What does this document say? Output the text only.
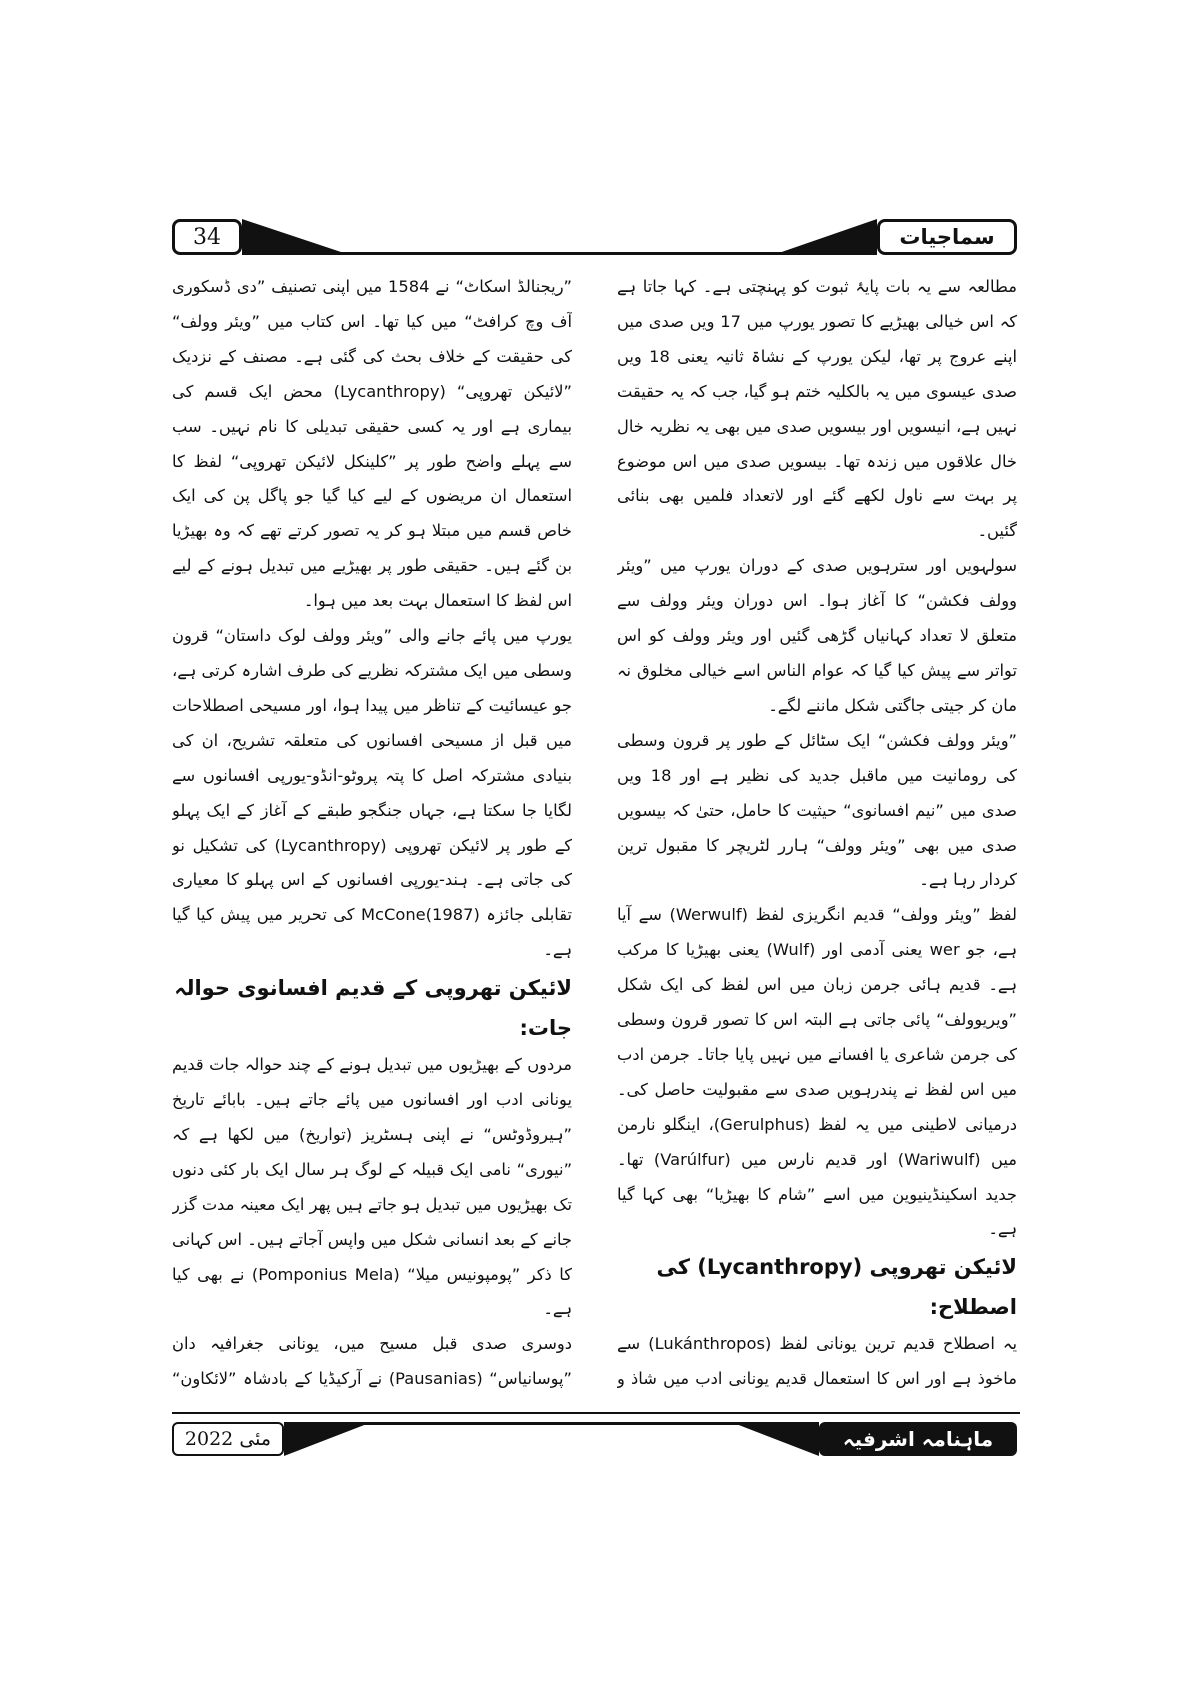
34	سماجیات

مطالعہ سے یہ بات پایۂ ثبوت کو پہنچتی ہے۔ کہا جاتا ہے کہ اس خیالی بھیڑیے کا تصور یورپ میں 17 ویں صدی میں اپنے عروج پر تھا، لیکن یورپ کے نشاۃ ثانیہ یعنی 18 ویں صدی عیسوی میں یہ بالکلیہ ختم ہو گیا، جب کہ یہ حقیقت نہیں ہے، انیسویں اور بیسویں صدی میں بھی یہ نظریہ خال خال علاقوں میں زندہ تھا۔ بیسویں صدی میں اس موضوع پر بہت سے ناول لکھے گئے اور لاتعداد فلمیں بھی بنائی گئیں۔

سولہویں اور سترہویں صدی کے دوران یورپ میں ”ویئر وولف فکشن“ کا آغاز ہوا۔ اس دوران ویئر وولف سے متعلق لا تعداد کہانیاں گڑھی گئیں اور ویئر وولف کو اس تواتر سے پیش کیا گیا کہ عوام الناس اسے خیالی مخلوق نہ مان کر جیتی جاگتی شکل ماننے لگے۔

”ویئر وولف فکشن“ ایک سٹائل کے طور پر قرون وسطی کی رومانیت میں ماقبل جدید کی نظیر ہے اور 18 ویں صدی میں ”نیم افسانوی“ حیثیت کا حامل، حتیٰ کہ بیسویں صدی میں بھی ”ویئر وولف“ ہارر لٹریچر کا مقبول ترین کردار رہا ہے۔

لفظ ”ویئر وولف“ قدیم انگریزی لفظ (Werwulf) سے آیا ہے، جو wer یعنی آدمی اور (Wulf) یعنی بھیڑیا کا مرکب ہے۔ قدیم ہائی جرمن زبان میں اس لفظ کی ایک شکل ”ویریوولف“ پائی جاتی ہے البتہ اس کا تصور قرون وسطی کی جرمن شاعری یا افسانے میں نہیں پایا جاتا۔ جرمن ادب میں اس لفظ نے پندرہویں صدی سے مقبولیت حاصل کی۔ درمیانی لاطینی میں یہ لفظ (Gerulphus)، اینگلو نارمن میں (Wariwulf) اور قدیم نارس میں (Varúlfur) تھا۔ جدید اسکینڈینیوین میں اسے ”شام کا بھیڑیا“ بھی کہا گیا ہے۔

لائیکن تھروپی (Lycanthropy) کی اصطلاح:

یہ اصطلاح قدیم ترین یونانی لفظ (Lukánthropos) سے ماخوذ ہے اور اس کا استعمال قدیم یونانی ادب میں شاذ و

”ریجنالڈ اسکاٹ“ نے 1584 میں اپنی تصنیف ”دی ڈسکوری آف وچ کرافٹ“ میں کیا تھا۔ اس کتاب میں ”ویئر وولف“ کی حقیقت کے خلاف بحث کی گئی ہے۔ مصنف کے نزدیک ”لائیکن تھروپی“ (Lycanthropy) محض ایک قسم کی بیماری ہے اور یہ کسی حقیقی تبدیلی کا نام نہیں۔ سب سے پہلے واضح طور پر ”کلینکل لائیکن تھروپی“ لفظ کا استعمال ان مریضوں کے لیے کیا گیا جو پاگل پن کی ایک خاص قسم میں مبتلا ہو کر یہ تصور کرتے تھے کہ وہ بھیڑیا بن گئے ہیں۔ حقیقی طور پر بھیڑیے میں تبدیل ہونے کے لیے اس لفظ کا استعمال بہت بعد میں ہوا۔

یورپ میں پائے جانے والی ”ویئر وولف لوک داستان“ قرون وسطی میں ایک مشترکہ نظریے کی طرف اشارہ کرتی ہے، جو عیسائیت کے تناظر میں پیدا ہوا، اور مسیحی اصطلاحات میں قبل از مسیحی افسانوں کی متعلقہ تشریح، ان کی بنیادی مشترکہ اصل کا پتہ پروٹو-انڈو-یورپی افسانوں سے لگایا جا سکتا ہے، جہاں جنگجو طبقے کے آغاز کے ایک پہلو کے طور پر لائیکن تھروپی (Lycanthropy) کی تشکیل نو کی جاتی ہے۔ ہند-یورپی افسانوں کے اس پہلو کا معیاری تقابلی جائزہ McCone(1987) کی تحریر میں پیش کیا گیا ہے۔

لائیکن تھروپی کے قدیم افسانوی حوالہ جات:

مردوں کے بھیڑیوں میں تبدیل ہونے کے چند حوالہ جات قدیم یونانی ادب اور افسانوں میں پائے جاتے ہیں۔ بابائے تاریخ ”ہیروڈوٹس“ نے اپنی ہسٹریز (تواریخ) میں لکھا ہے کہ ”نیوری“ نامی ایک قبیلہ کے لوگ ہر سال ایک بار کئی دنوں تک بھیڑیوں میں تبدیل ہو جاتے ہیں پھر ایک معینہ مدت گزر جانے کے بعد انسانی شکل میں واپس آجاتے ہیں۔ اس کہانی کا ذکر ”پومپونیس میلا“ (Pomponius Mela) نے بھی کیا ہے۔

دوسری صدی قبل مسیح میں، یونانی جغرافیہ دان ”پوسانیاس“ (Pausanias) نے آرکیڈیا کے بادشاہ ”لائکاون“

مئی 2022	ماہنامہ اشرفیہ
